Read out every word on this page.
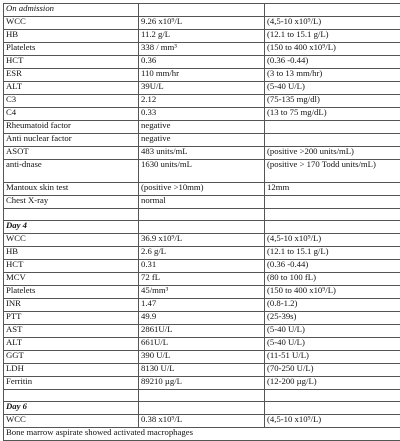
On admission		
WCC	9.26 x10⁹/L	(4,5-10 x10⁹/L)
HB	11.2 g/L	(12.1 to 15.1 g/L)
Platelets	338 / mm³	(150 to 400 x10⁹/L)
HCT	0.36	(0.36 -0.44)
ESR	110 mm/hr	(3 to 13 mm/hr)
ALT	39U/L	(5-40 U/L)
C3	2.12	(75-135 mg/dl)
C4	0.33	(13 to 75 mg/dL)
Rheumatoid factor	negative	
Anti nuclear factor	negative	
ASOT	483 units/mL	(positive >200 units/mL)
anti-dnase	1630 units/mL	(positive > 170 Todd units/mL)
Mantoux skin test	(positive >10mm)	12mm
Chest X-ray	normal	

Day 4		
WCC	36.9 x10⁹/L	(4,5-10 x10⁹/L)
HB	2.6 g/L	(12.1 to 15.1 g/L)
HCT	0.31	(0.36 -0.44)
MCV	72 fL	(80 to 100 fL)
Platelets	45/mm³	(150 to 400 x10⁹/L)
INR	1.47	(0.8-1.2)
PTT	49.9	(25-39s)
AST	2861U/L	(5-40 U/L)
ALT	661U/L	(5-40 U/L)
GGT	390 U/L	(11-51 U/L)
LDH	8130 U/L	(70-250 U/L)
Ferritin	89210 µg/L	(12-200 µg/L)

Day 6		
WCC	0.38 x10⁹/L	(4,5-10 x10⁹/L)
Bone marrow aspirate showed activated macrophages		
